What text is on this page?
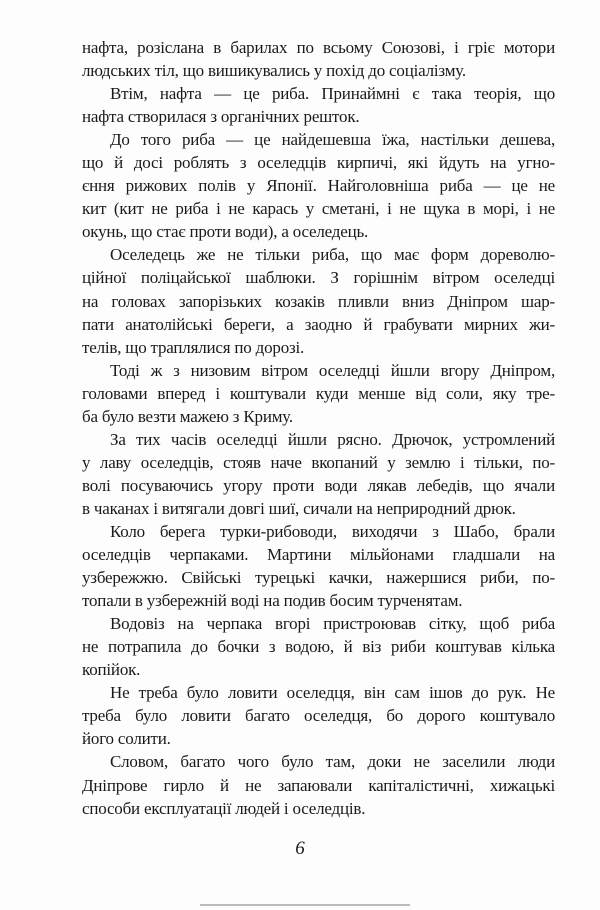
нафта, розіслана в барилах по всьому Союзові, і гріє мотори
людських тіл, що вишикувались у похід до соціалізму.
Втім, нафта — це риба. Принаймні є така теорія, що
нафта створилася з органічних решток.
До того риба — це найдешевша їжа, настільки дешева,
що й досі роблять з оселедців кирпичі, які йдуть на угно-
єння рижових полів у Японії. Найголовніша риба — це не
кит (кит не риба і не карась у сметані, і не щука в морі, і не
окунь, що стає проти води), а оселедець.
Оселедець же не тільки риба, що має форм дореволю-
ційної поліцайської шаблюки. З горішнім вітром оселедці
на головах запорізьких козаків пливли вниз Дніпром шар-
пати анатолійські береги, а заодно й грабувати мирних жи-
телів, що траплялися по дорозі.
Тоді ж з низовим вітром оселедці йшли вгору Дніпром,
головами вперед і коштували куди менше від соли, яку тре-
ба було везти мажею з Криму.
За тих часів оселедці йшли рясно. Дрючок, устромлений
у лаву оселедців, стояв наче вкопаний у землю і тільки, по-
волі посуваючись угору проти води лякав лебедів, що ячали
в чаканах і витягали довгі шиї, сичали на неприродний дрюк.
Коло берега турки-рибоводи, виходячи з Шабо, брали
оселедців черпаками. Мартини мільйонами гладшали на
узбережжю. Свійські турецькі качки, нажершися риби, по-
топали в узбережній воді на подив босим турченятам.
Водовіз на черпака вгорі пристроював сітку, щоб риба
не потрапила до бочки з водою, й віз риби коштував кілька
копійок.
Не треба було ловити оселедця, він сам ішов до рук. Не
треба було ловити багато оселедця, бо дорого коштувало
його солити.
Словом, багато чого було там, доки не заселили люди
Дніпрове гирло й не запаювали капіталістичні, хижацькі
способи експлуатації людей і оселедців.
6
